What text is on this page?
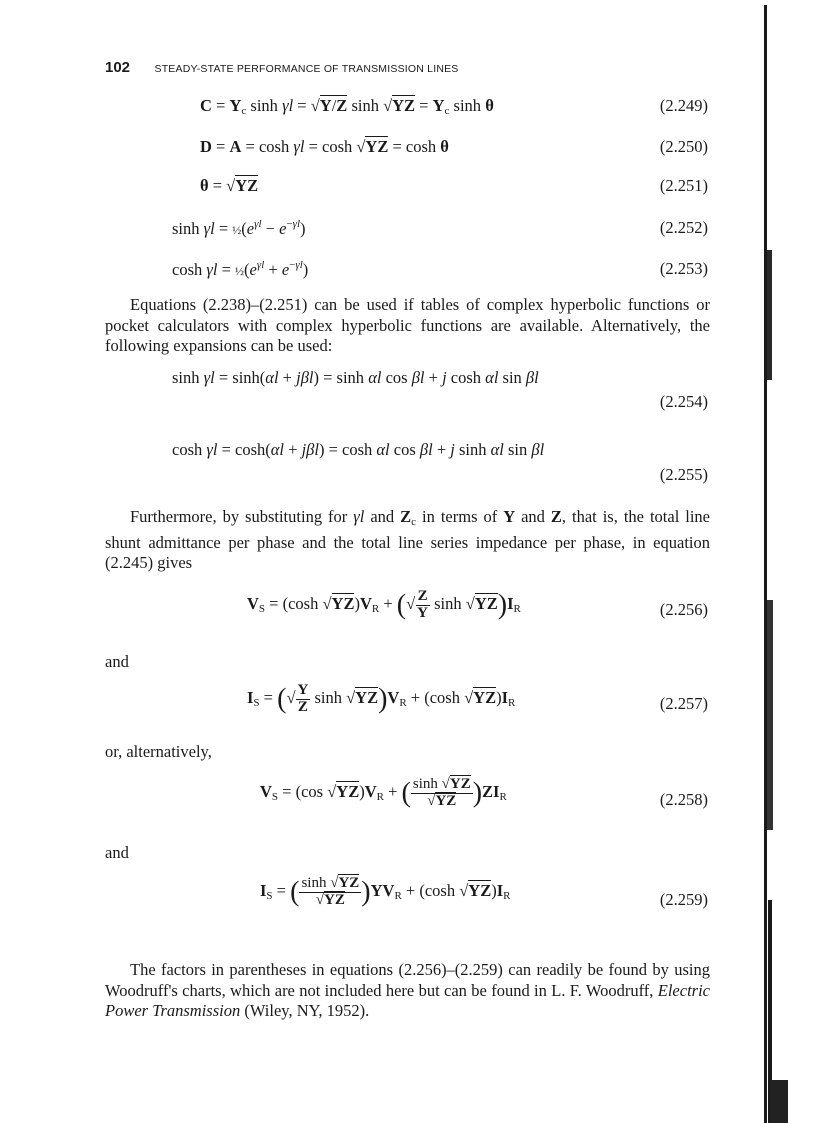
102 STEADY-STATE PERFORMANCE OF TRANSMISSION LINES
$C = Y_c$ sinh γl = √Y/Z $\sinh √YZ = Y_c$ sinh θ	(2.249)
D = A = cosh γl = cosh √YZ = cosh θ	(2.250)
θ = √YZ	(2.251)
$\sinh \gamma l = \frac{1}{2}(e^{\gamma l} - e^{-\gamma l})$	(2.252)
$\cosh \gamma l = \frac{1}{2}(e^{\gamma l} + e^{-\gamma l})$	(2.253)
Equations (2.238)–(2.251) can be used if tables of complex hyperbolic functions or pocket calculators with complex hyperbolic functions are available. Alternatively, the following expansions can be used:
sinh γl = sinh(αl + jβl) = sinh αl cos βl + j cosh αl sin βl
(2.254)
cosh γl = cosh(αl + jβl) = cosh αl cos βl + j sinh αl sin βl
(2.255)
Furthermore, by substituting for γl and $Z_c$ in terms of Y and Z, that is, the total line shunt admittance per phase and the total line series impedance per phase, in equation (2.245) gives
$V_S = (\cosh$ $√YZ)V_R$ + (√ $\frac{Z}{Y}$ $\sinh √YZ)I_R$	(2.256)
and
$I_S$ = (√ $\frac{Y}{Z}$ $\sinh √YZ)V_R + (\cosh$ $√YZ)I_R$	(2.257)
or, alternatively,
$V_S = (\cos$ $√YZ)V_R$ + ( $\frac{\sinh √YZ}{√YZ} )ZI_R$	(2.258)
and
$I_S$ = ( $\frac{\sinh √YZ}{√YZ} )YV_R + (\cosh$ $√YZ)I_R$	(2.259)
The factors in parentheses in equations (2.256)–(2.259) can readily be found by using Woodruff's charts, which are not included here but can be found in L. F. Woodruff, Electric Power Transmission (Wiley, NY, 1952).
